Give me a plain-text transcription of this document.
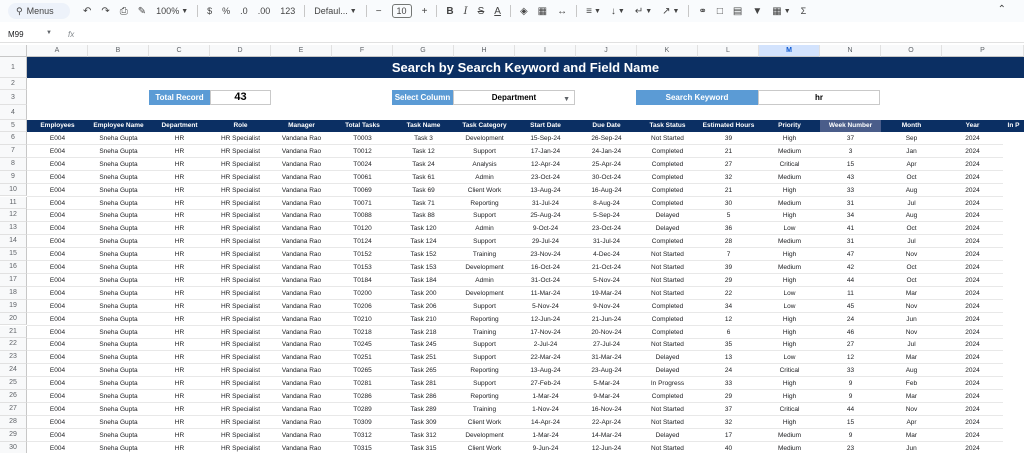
⚲ Menus	↶ ↷ ⎙ ✎ 100% ▼ $ % .0 .00 123 Defaul... ▼ −	10	+ B I S A ◈ ▦ ↔ ≡ ▼ ↓ ▼ ↵ ▼ ↗ ▼ ⚭ □ ▤ ▼ ▦ ▼ Σ	⌃
M99	▼ fx
A	B	C	D	E	F	G	H	I	J	K	L	M	N	O	P
1
2
3
4
5
6
7
8
9
10
11
12
13
14
15
16
17
18
19
20
21
22
23
24
25
26
27
28
29
30
Search by Search Keyword and Field Name
Total Record	43	Select Column	Department	▼	Search Keyword	hr
Employees	Employee Name	Department	Role	Manager	Total Tasks	Task Name	Task Category	Start Date	Due Date	Task Status	Estimated Hours	Priority	Week Number	Month	Year	In P
E004	Sneha Gupta	HR	HR Specialist	Vandana Rao	T0003	Task 3	Development	15-Sep-24	26-Sep-24	Not Started	39	High	37	Sep	2024
E004	Sneha Gupta	HR	HR Specialist	Vandana Rao	T0012	Task 12	Support	17-Jan-24	24-Jan-24	Completed	21	Medium	3	Jan	2024
E004	Sneha Gupta	HR	HR Specialist	Vandana Rao	T0024	Task 24	Analysis	12-Apr-24	25-Apr-24	Completed	27	Critical	15	Apr	2024
E004	Sneha Gupta	HR	HR Specialist	Vandana Rao	T0061	Task 61	Admin	23-Oct-24	30-Oct-24	Completed	32	Medium	43	Oct	2024
E004	Sneha Gupta	HR	HR Specialist	Vandana Rao	T0069	Task 69	Client Work	13-Aug-24	16-Aug-24	Completed	21	High	33	Aug	2024
E004	Sneha Gupta	HR	HR Specialist	Vandana Rao	T0071	Task 71	Reporting	31-Jul-24	8-Aug-24	Completed	30	Medium	31	Jul	2024
E004	Sneha Gupta	HR	HR Specialist	Vandana Rao	T0088	Task 88	Support	25-Aug-24	5-Sep-24	Delayed	5	High	34	Aug	2024
E004	Sneha Gupta	HR	HR Specialist	Vandana Rao	T0120	Task 120	Admin	9-Oct-24	23-Oct-24	Delayed	36	Low	41	Oct	2024
E004	Sneha Gupta	HR	HR Specialist	Vandana Rao	T0124	Task 124	Support	29-Jul-24	31-Jul-24	Completed	28	Medium	31	Jul	2024
E004	Sneha Gupta	HR	HR Specialist	Vandana Rao	T0152	Task 152	Training	23-Nov-24	4-Dec-24	Not Started	7	High	47	Nov	2024
E004	Sneha Gupta	HR	HR Specialist	Vandana Rao	T0153	Task 153	Development	16-Oct-24	21-Oct-24	Not Started	39	Medium	42	Oct	2024
E004	Sneha Gupta	HR	HR Specialist	Vandana Rao	T0184	Task 184	Admin	31-Oct-24	5-Nov-24	Not Started	29	High	44	Oct	2024
E004	Sneha Gupta	HR	HR Specialist	Vandana Rao	T0200	Task 200	Development	11-Mar-24	19-Mar-24	Not Started	22	Low	11	Mar	2024
E004	Sneha Gupta	HR	HR Specialist	Vandana Rao	T0206	Task 206	Support	5-Nov-24	9-Nov-24	Completed	34	Low	45	Nov	2024
E004	Sneha Gupta	HR	HR Specialist	Vandana Rao	T0210	Task 210	Reporting	12-Jun-24	21-Jun-24	Completed	12	High	24	Jun	2024
E004	Sneha Gupta	HR	HR Specialist	Vandana Rao	T0218	Task 218	Training	17-Nov-24	20-Nov-24	Completed	6	High	46	Nov	2024
E004	Sneha Gupta	HR	HR Specialist	Vandana Rao	T0245	Task 245	Support	2-Jul-24	27-Jul-24	Not Started	35	High	27	Jul	2024
E004	Sneha Gupta	HR	HR Specialist	Vandana Rao	T0251	Task 251	Support	22-Mar-24	31-Mar-24	Delayed	13	Low	12	Mar	2024
E004	Sneha Gupta	HR	HR Specialist	Vandana Rao	T0265	Task 265	Reporting	13-Aug-24	23-Aug-24	Delayed	24	Critical	33	Aug	2024
E004	Sneha Gupta	HR	HR Specialist	Vandana Rao	T0281	Task 281	Support	27-Feb-24	5-Mar-24	In Progress	33	High	9	Feb	2024
E004	Sneha Gupta	HR	HR Specialist	Vandana Rao	T0286	Task 286	Reporting	1-Mar-24	9-Mar-24	Completed	29	High	9	Mar	2024
E004	Sneha Gupta	HR	HR Specialist	Vandana Rao	T0289	Task 289	Training	1-Nov-24	16-Nov-24	Not Started	37	Critical	44	Nov	2024
E004	Sneha Gupta	HR	HR Specialist	Vandana Rao	T0309	Task 309	Client Work	14-Apr-24	22-Apr-24	Not Started	32	High	15	Apr	2024
E004	Sneha Gupta	HR	HR Specialist	Vandana Rao	T0312	Task 312	Development	1-Mar-24	14-Mar-24	Delayed	17	Medium	9	Mar	2024
E004	Sneha Gupta	HR	HR Specialist	Vandana Rao	T0315	Task 315	Client Work	9-Jun-24	12-Jun-24	Not Started	40	Medium	23	Jun	2024
